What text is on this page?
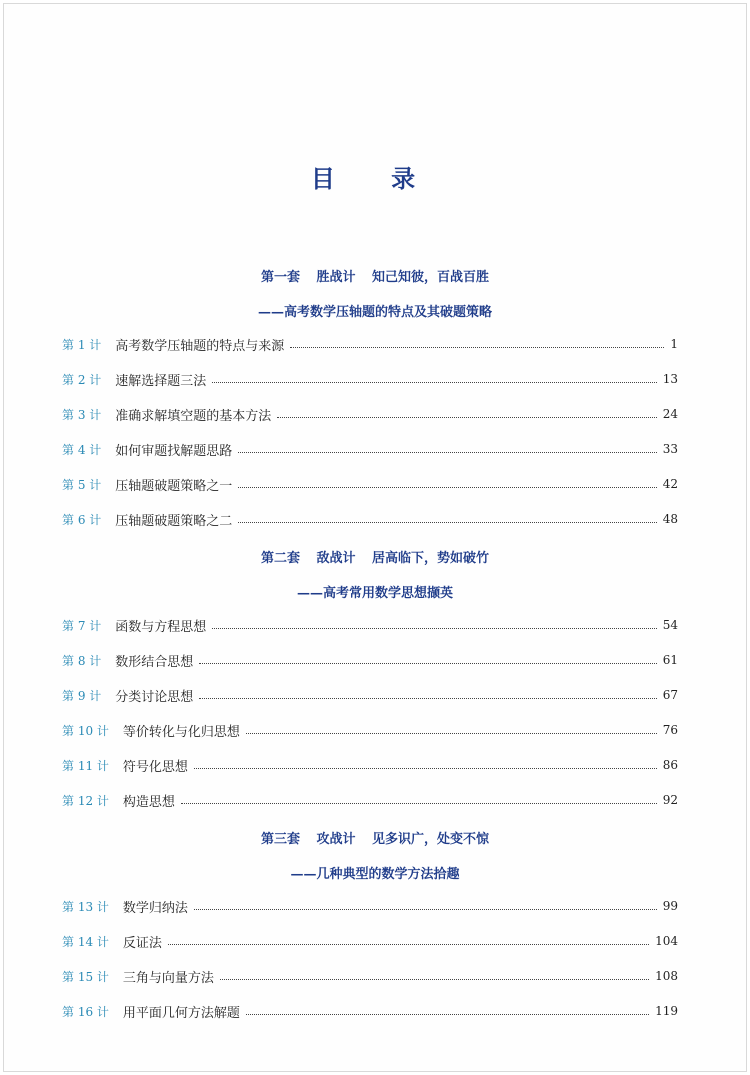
目 录
第一套 胜战计 知己知彼，百战百胜
——高考数学压轴题的特点及其破题策略
第 1 计 高考数学压轴题的特点与来源	1
第 2 计 速解选择题三法	13
第 3 计 准确求解填空题的基本方法	24
第 4 计 如何审题找解题思路	33
第 5 计 压轴题破题策略之一	42
第 6 计 压轴题破题策略之二	48
第二套 敌战计 居高临下，势如破竹
——高考常用数学思想撷英
第 7 计 函数与方程思想	54
第 8 计 数形结合思想	61
第 9 计 分类讨论思想	67
第 10 计 等价转化与化归思想	76
第 11 计 符号化思想	86
第 12 计 构造思想	92
第三套 攻战计 见多识广，处变不惊
——几种典型的数学方法拾趣
第 13 计 数学归纳法	99
第 14 计 反证法	104
第 15 计 三角与向量方法	108
第 16 计 用平面几何方法解题	119
